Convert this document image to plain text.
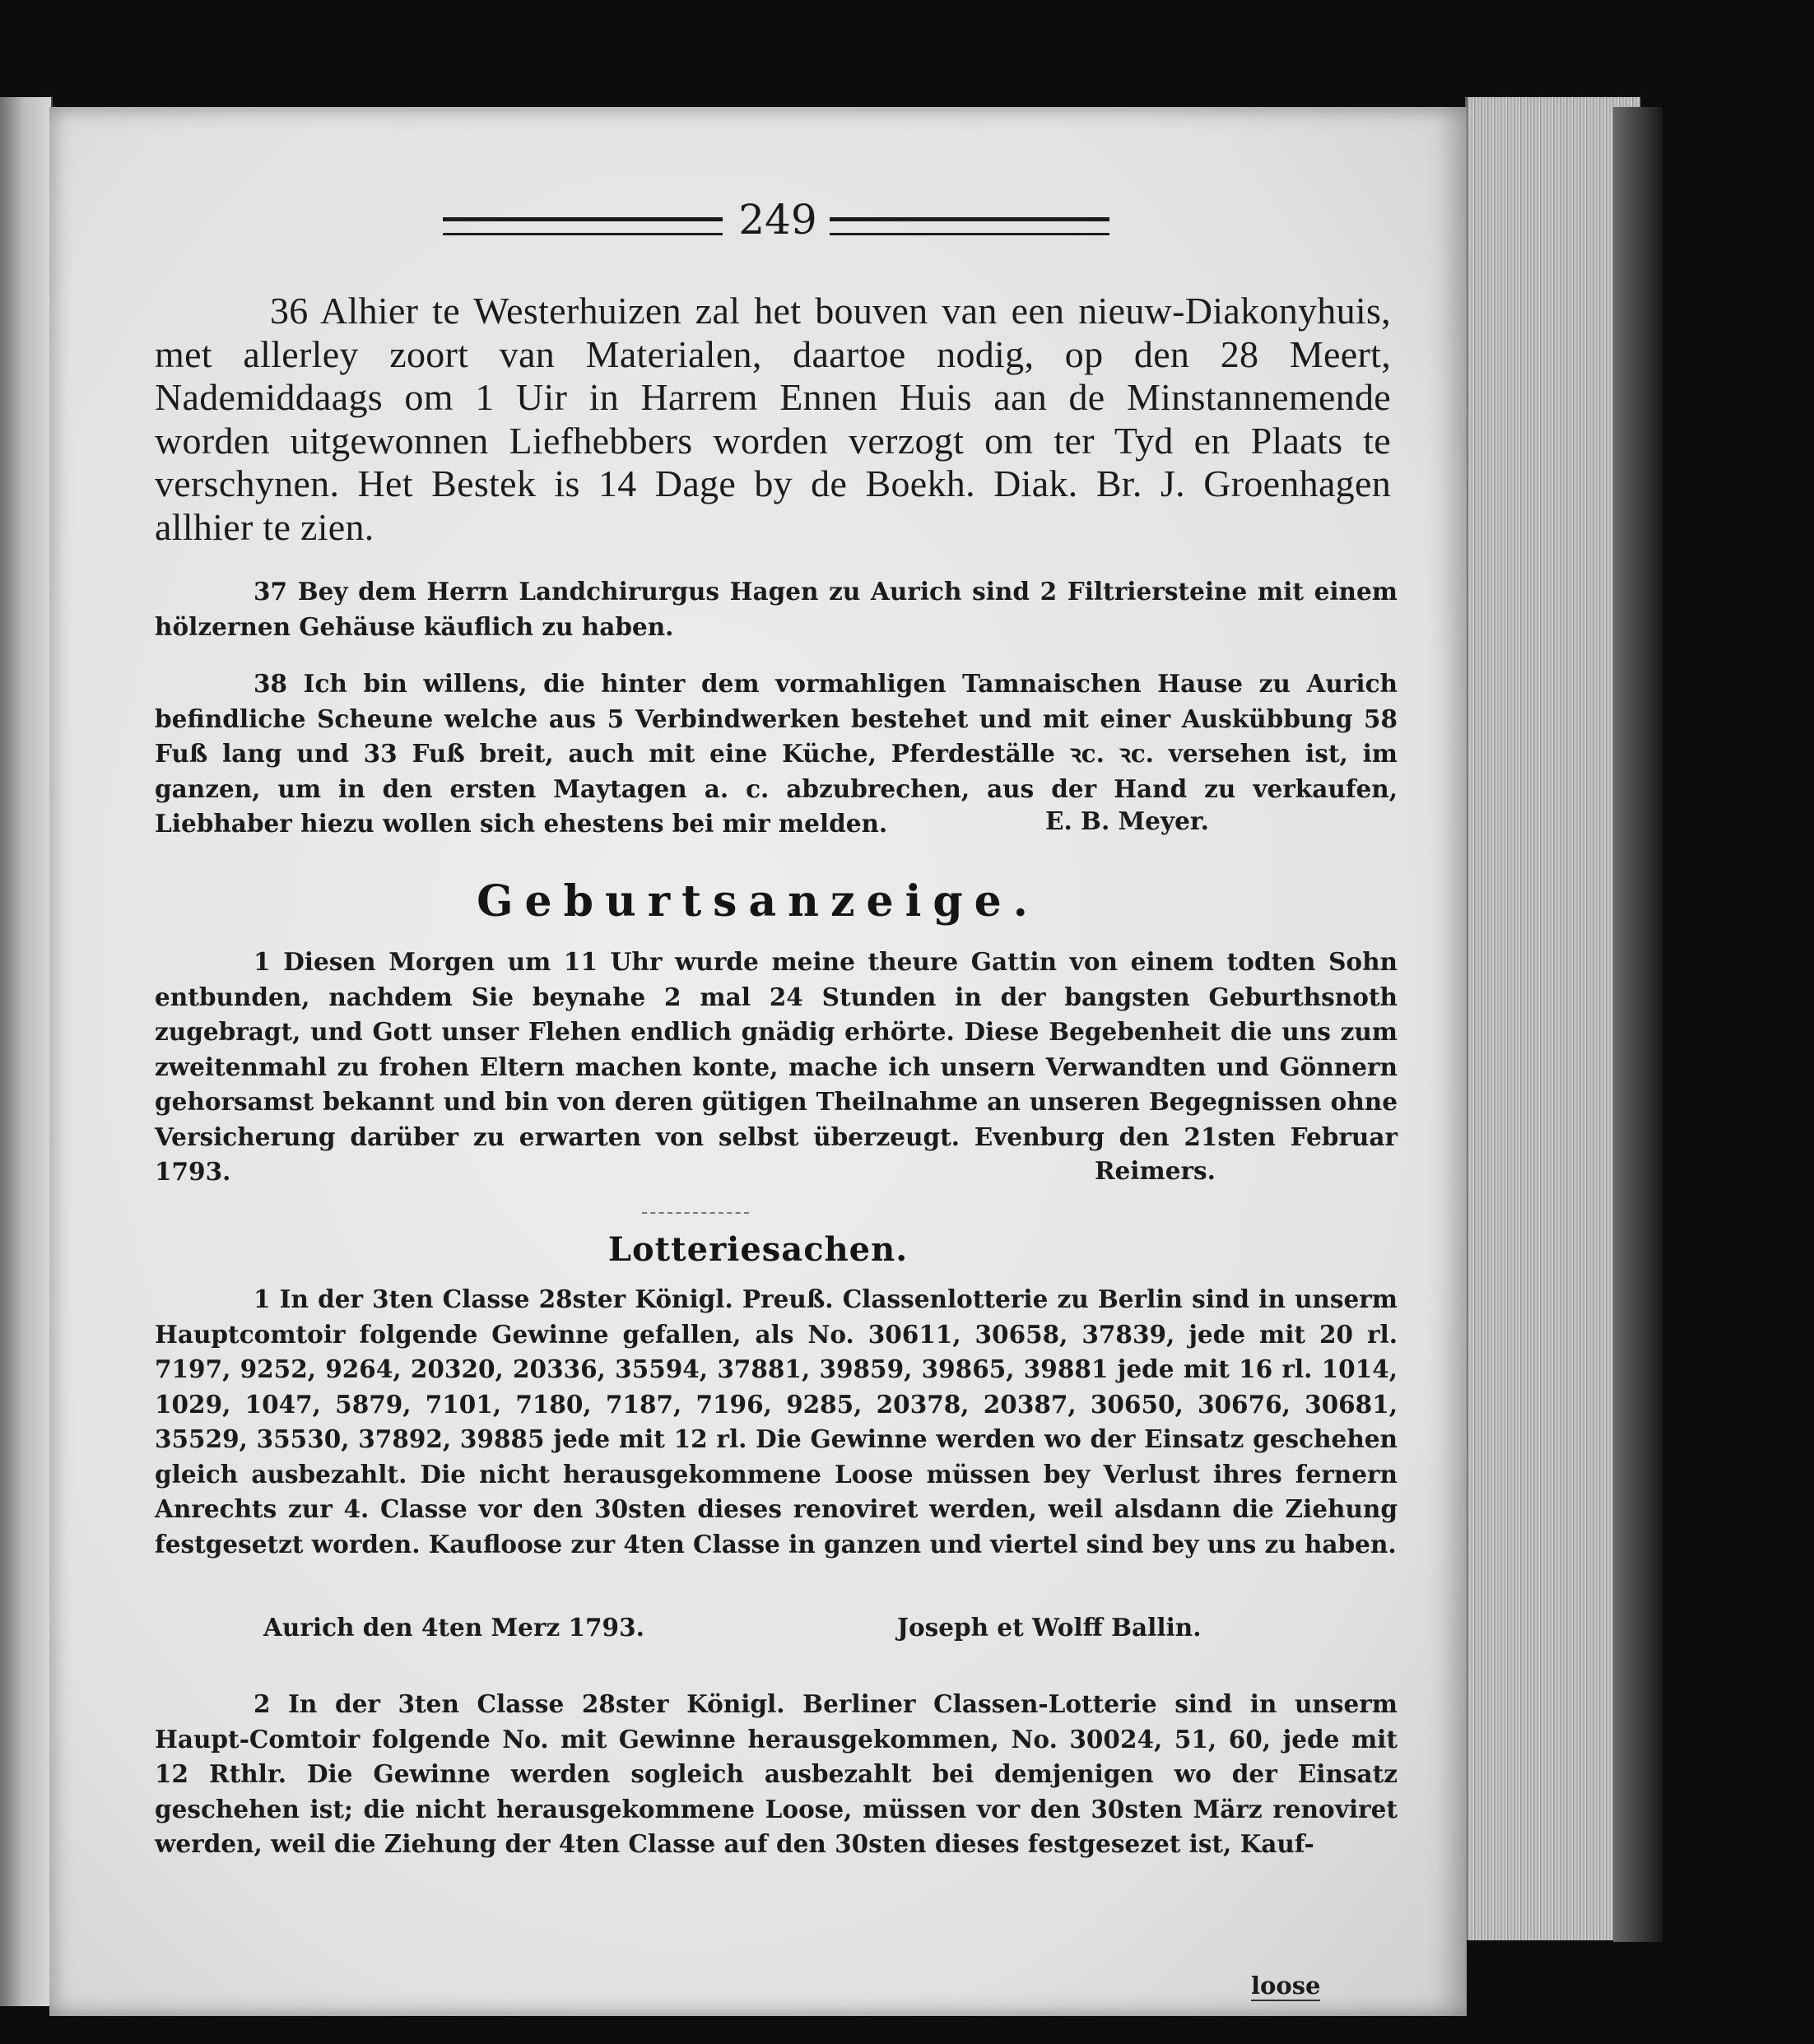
249

36 Alhier te Westerhuizen zal het bouven van een nieuw-Diakonyhuis, met allerley zoort van Materialen, daartoe nodig, op den 28 Meert, Nademiddaags om 1 Uir in Harrem Ennen Huis aan de Minstannemende worden uitgewonnen Liefhebbers worden verzogt om ter Tyd en Plaats te verschynen. Het Bestek is 14 Dage by de Boekh. Diak. Br. J. Groenhagen allhier te zien.

37 Bey dem Herrn Landchirurgus Hagen zu Aurich sind 2 Filtriersteine mit einem hölzernen Gehäuse käuflich zu haben.

38 Ich bin willens, die hinter dem vormahligen Tamnaischen Hause zu Aurich befindliche Scheune welche aus 5 Verbindwerken bestehet und mit einer Auskübbung 58 Fuß lang und 33 Fuß breit, auch mit eine Küche, Pferdeställe ꝛc. ꝛc. versehen ist, im ganzen, um in den ersten Maytagen a. c. abzubrechen, aus der Hand zu verkaufen, Liebhaber hiezu wollen sich ehestens bei mir melden.	E. B. Meyer.

Geburtsanzeige.

1 Diesen Morgen um 11 Uhr wurde meine theure Gattin von einem todten Sohn entbunden, nachdem Sie beynahe 2 mal 24 Stunden in der bangsten Geburthsnoth zugebragt, und Gott unser Flehen endlich gnädig erhörte. Diese Begebenheit die uns zum zweitenmahl zu frohen Eltern machen konte, mache ich unsern Verwandten und Gönnern gehorsamst bekannt und bin von deren gütigen Theilnahme an unseren Begegnissen ohne Versicherung darüber zu erwarten von selbst überzeugt. Evenburg den 21sten Februar 1793.	Reimers.

Lotteriesachen.

1 In der 3ten Classe 28ster Königl. Preuß. Classenlotterie zu Berlin sind in unserm Hauptcomtoir folgende Gewinne gefallen, als No. 30611, 30658, 37839, jede mit 20 rl. 7197, 9252, 9264, 20320, 20336, 35594, 37881, 39859, 39865, 39881 jede mit 16 rl. 1014, 1029, 1047, 5879, 7101, 7180, 7187, 7196, 9285, 20378, 20387, 30650, 30676, 30681, 35529, 35530, 37892, 39885 jede mit 12 rl. Die Gewinne werden wo der Einsatz geschehen gleich ausbezahlt. Die nicht herausgekommene Loose müssen bey Verlust ihres fernern Anrechts zur 4. Classe vor den 30sten dieses renoviret werden, weil alsdann die Ziehung festgesetzt worden. Kaufloose zur 4ten Classe in ganzen und viertel sind bey uns zu haben.

Aurich den 4ten Merz 1793.	Joseph et Wolff Ballin.

2 In der 3ten Classe 28ster Königl. Berliner Classen-Lotterie sind in unserm Haupt-Comtoir folgende No. mit Gewinne herausgekommen, No. 30024, 51, 60, jede mit 12 Rthlr. Die Gewinne werden sogleich ausbezahlt bei demjenigen wo der Einsatz geschehen ist; die nicht herausgekommene Loose, müssen vor den 30sten März renoviret werden, weil die Ziehung der 4ten Classe auf den 30sten dieses festgesezet ist, Kauf-

loose
